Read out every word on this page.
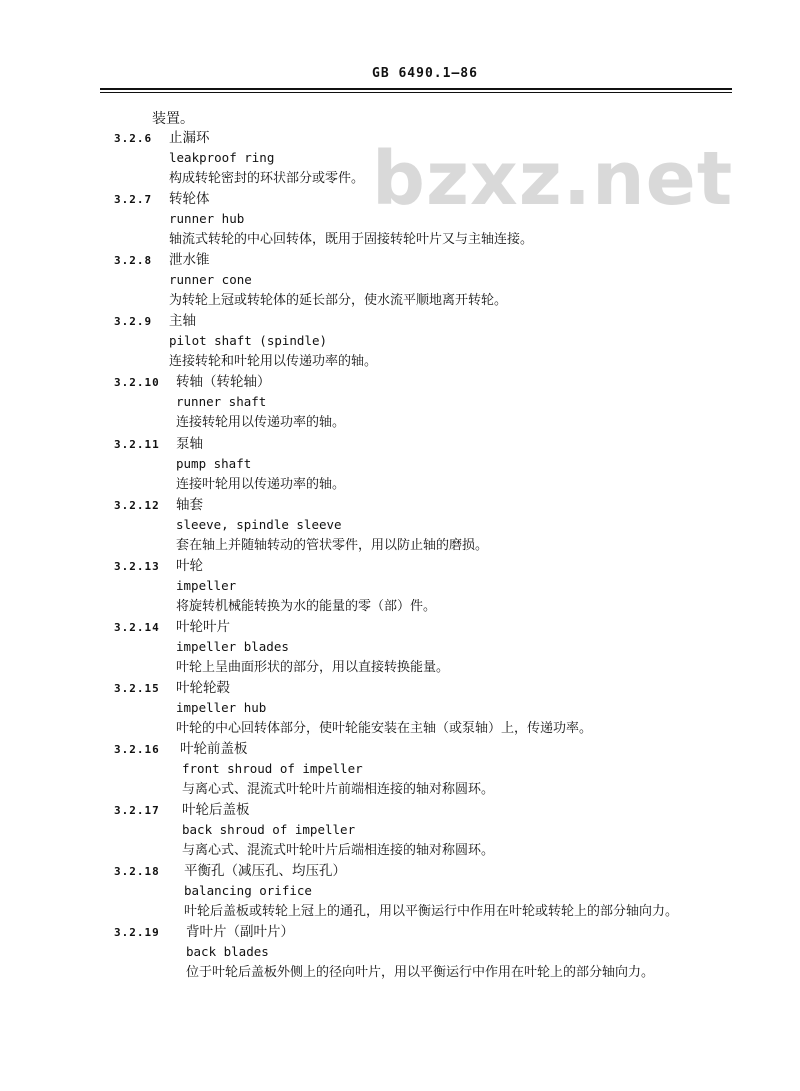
bzxz.net
GB 6490.1—86
装置。
3.2.6 止漏环
leakproof ring
构成转轮密封的环状部分或零件。
3.2.7 转轮体
runner hub
轴流式转轮的中心回转体，既用于固接转轮叶片又与主轴连接。
3.2.8 泄水锥
runner cone
为转轮上冠或转轮体的延长部分，使水流平顺地离开转轮。
3.2.9 主轴
pilot shaft (spindle)
连接转轮和叶轮用以传递功率的轴。
3.2.10 转轴（转轮轴）
runner shaft
连接转轮用以传递功率的轴。
3.2.11 泵轴
pump shaft
连接叶轮用以传递功率的轴。
3.2.12 轴套
sleeve, spindle sleeve
套在轴上并随轴转动的管状零件，用以防止轴的磨损。
3.2.13 叶轮
impeller
将旋转机械能转换为水的能量的零（部）件。
3.2.14 叶轮叶片
impeller blades
叶轮上呈曲面形状的部分，用以直接转换能量。
3.2.15 叶轮轮毂
impeller hub
叶轮的中心回转体部分，使叶轮能安装在主轴（或泵轴）上，传递功率。
3.2.16 叶轮前盖板
front shroud of impeller
与离心式、混流式叶轮叶片前端相连接的轴对称圆环。
3.2.17 叶轮后盖板
back shroud of impeller
与离心式、混流式叶轮叶片后端相连接的轴对称圆环。
3.2.18 平衡孔（减压孔、均压孔）
balancing orifice
叶轮后盖板或转轮上冠上的通孔，用以平衡运行中作用在叶轮或转轮上的部分轴向力。
3.2.19 背叶片（副叶片）
back blades
位于叶轮后盖板外侧上的径向叶片，用以平衡运行中作用在叶轮上的部分轴向力。
